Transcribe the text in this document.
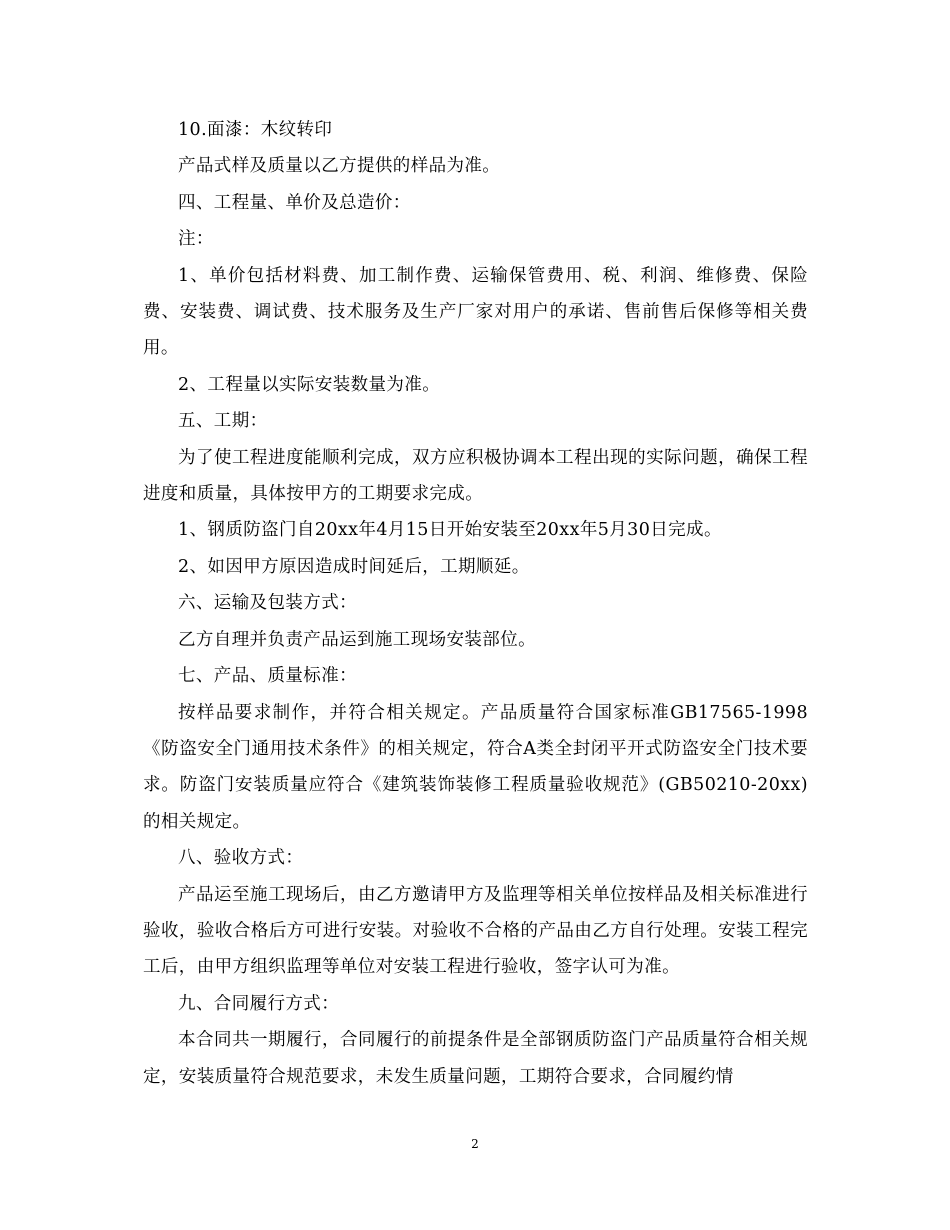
10.面漆：木纹转印

产品式样及质量以乙方提供的样品为准。

四、工程量、单价及总造价：

注：

1、单价包括材料费、加工制作费、运输保管费用、税、利润、维修费、保险费、安装费、调试费、技术服务及生产厂家对用户的承诺、售前售后保修等相关费用。

2、工程量以实际安装数量为准。

五、工期：

为了使工程进度能顺利完成，双方应积极协调本工程出现的实际问题，确保工程进度和质量，具体按甲方的工期要求完成。

1、钢质防盗门自20xx年4月15日开始安装至20xx年5月30日完成。

2、如因甲方原因造成时间延后，工期顺延。

六、运输及包装方式：

乙方自理并负责产品运到施工现场安装部位。

七、产品、质量标准：

按样品要求制作，并符合相关规定。产品质量符合国家标准GB17565-1998《防盗安全门通用技术条件》的相关规定，符合A类全封闭平开式防盗安全门技术要求。防盗门安装质量应符合《建筑装饰装修工程质量验收规范》(GB50210-20xx)的相关规定。

八、验收方式：

产品运至施工现场后，由乙方邀请甲方及监理等相关单位按样品及相关标准进行验收，验收合格后方可进行安装。对验收不合格的产品由乙方自行处理。安装工程完工后，由甲方组织监理等单位对安装工程进行验收，签字认可为准。

九、合同履行方式：

本合同共一期履行，合同履行的前提条件是全部钢质防盗门产品质量符合相关规定，安装质量符合规范要求，未发生质量问题，工期符合要求，合同履约情

2
